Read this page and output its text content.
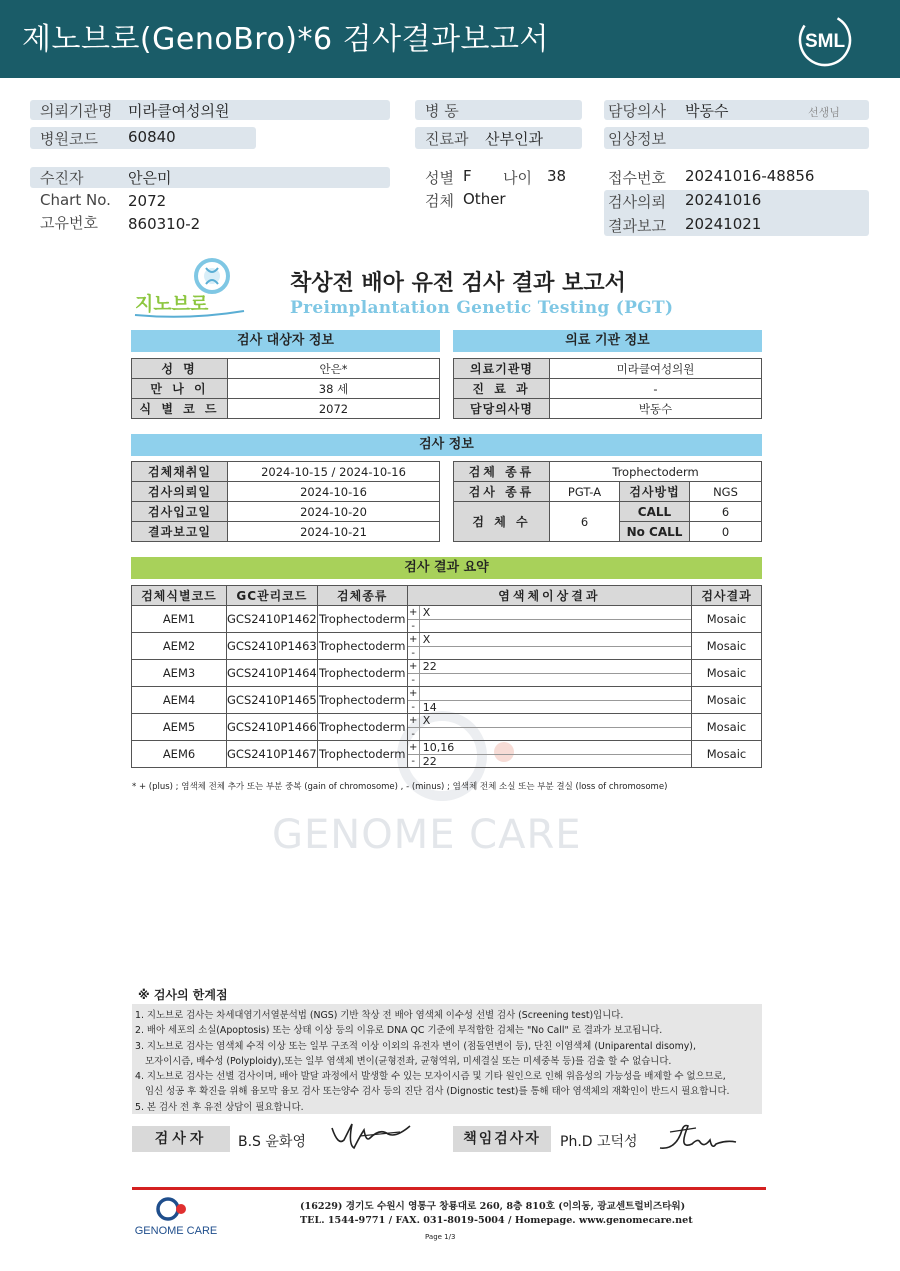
제노브로(GenoBro)*6 검사결과보고서	SML
의뢰기관명 미라클여성의원
병원코드 60840
수진자	안은미
Chart No. 2072
고유번호 860310-2
병 동
진료과 산부인과
성별 F 나이 38
검체 Other
담당의사 박동수	선생님
임상정보
접수번호 20241016-48856
검사의뢰 20241016
결과보고 20241021
지노브로
착상전 배아 유전 검사 결과 보고서
Preimplantation Genetic Testing (PGT)
검사 대상자 정보
성 명	안은*
만 나 이	38 세
식 별 코 드	2072
의료 기관 정보
의료기관명	미라클여성의원
진 료 과	-
담당의사명	박동수
검사 정보
검체채취일	2024-10-15 / 2024-10-16
검사의뢰일	2024-10-16
검사입고일	2024-10-20
결과보고일	2024-10-21
검체 종류	Trophectoderm		
검사 종류	PGT-A	검사방법	NGS
검 체 수	6	CALL	6
		No CALL	0
GENOME CARE
검사 결과 요약
검체식별코드	GC관리코드	검체종류	염색체이상결과	검사결과
AEM1	GCS2410P1462	Trophectoderm	+ X
-	Mosaic
AEM2	GCS2410P1463	Trophectoderm	+ X
-	Mosaic
AEM3	GCS2410P1464	Trophectoderm	+ 22
-	Mosaic
AEM4	GCS2410P1465	Trophectoderm	+
- 14	Mosaic
AEM5	GCS2410P1466	Trophectoderm	+ X
-	Mosaic
AEM6	GCS2410P1467	Trophectoderm	+ 10,16
- 22	Mosaic
* + (plus) ; 염색체 전체 추가 또는 부분 중복 (gain of chromosome) , - (minus) ; 염색체 전체 소실 또는 부분 결실 (loss of chromosome)
※ 검사의 한계점
1. 지노브로 검사는 차세대염기서열분석법 (NGS) 기반 착상 전 배아 염색체 이수성 선별 검사 (Screening test)입니다.
2. 배아 세포의 소실(Apoptosis) 또는 상태 이상 등의 이유로 DNA QC 기준에 부적합한 검체는 "No Call" 로 결과가 보고됩니다.
3. 지노브로 검사는 염색체 수적 이상 또는 일부 구조적 이상 이외의 유전자 변이 (점돌연변이 등), 단친 이염색체 (Uniparental disomy),
모자이시즘, 배수성 (Polyploidy),또는 일부 염색체 변이(균형전좌, 균형역위, 미세결실 또는 미세중복 등)를 검출 할 수 없습니다.
4. 지노브로 검사는 선별 검사이며, 배아 발달 과정에서 발생할 수 있는 모자이시즘 및 기타 원인으로 인해 위음성의 가능성을 배제할 수 없으므로,
임신 성공 후 확진을 위해 융모막 융모 검사 또는양수 검사 등의 진단 검사 (Dignostic test)를 통해 태아 염색체의 재확인이 반드시 필요합니다.
5. 본 검사 전 후 유전 상담이 필요합니다.
검사자	B.S 윤화영	책임검사자	Ph.D 고덕성
GENOME CARE
(16229) 경기도 수원시 영통구 창룡대로 260, 8층 810호 (이의동, 광교센트럴비즈타워)
TEL. 1544-9771 / FAX. 031-8019-5004 / Homepage. www.genomecare.net
Page 1/3
